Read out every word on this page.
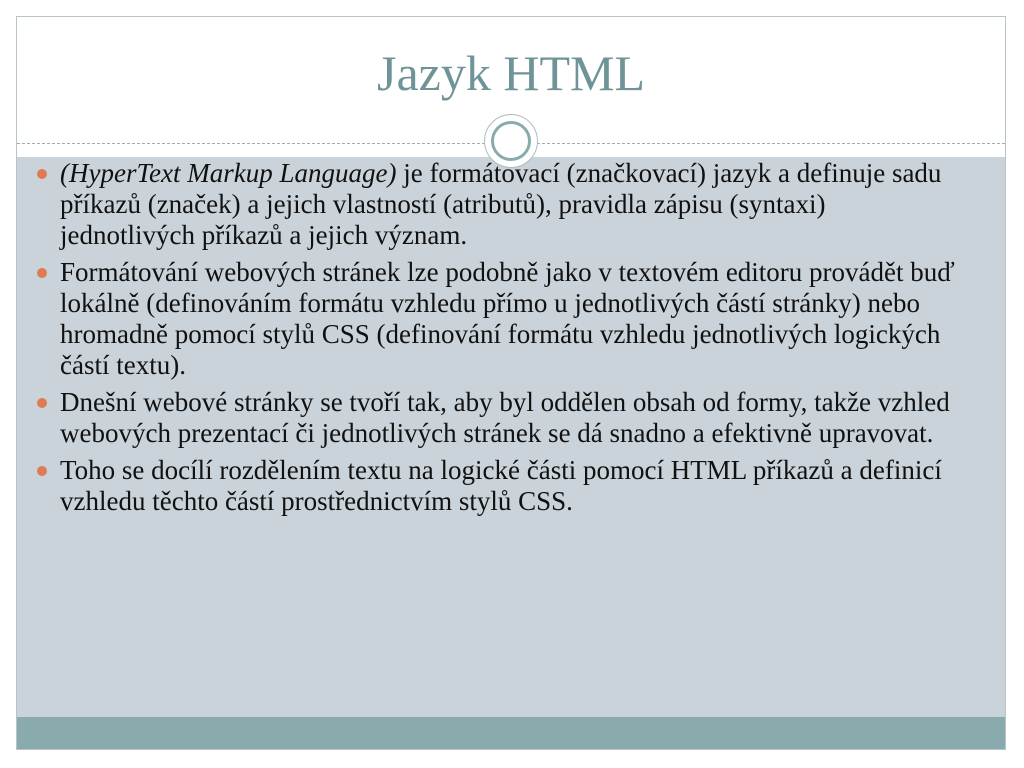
Jazyk HTML
(HyperText Markup Language) je formátovací (značkovací) jazyk a definuje sadu příkazů (značek) a jejich vlastností (atributů), pravidla zápisu (syntaxi) jednotlivých příkazů a jejich význam.
Formátování webových stránek lze podobně jako v textovém editoru provádět buď lokálně (definováním formátu vzhledu přímo u jednotlivých částí stránky) nebo hromadně pomocí stylů CSS (definování formátu vzhledu jednotlivých logických částí textu).
Dnešní webové stránky se tvoří tak, aby byl oddělen obsah od formy, takže vzhled webových prezentací či jednotlivých stránek se dá snadno a efektivně upravovat.
Toho se docílí rozdělením textu na logické části pomocí HTML příkazů a definicí vzhledu těchto částí prostřednictvím stylů CSS.
